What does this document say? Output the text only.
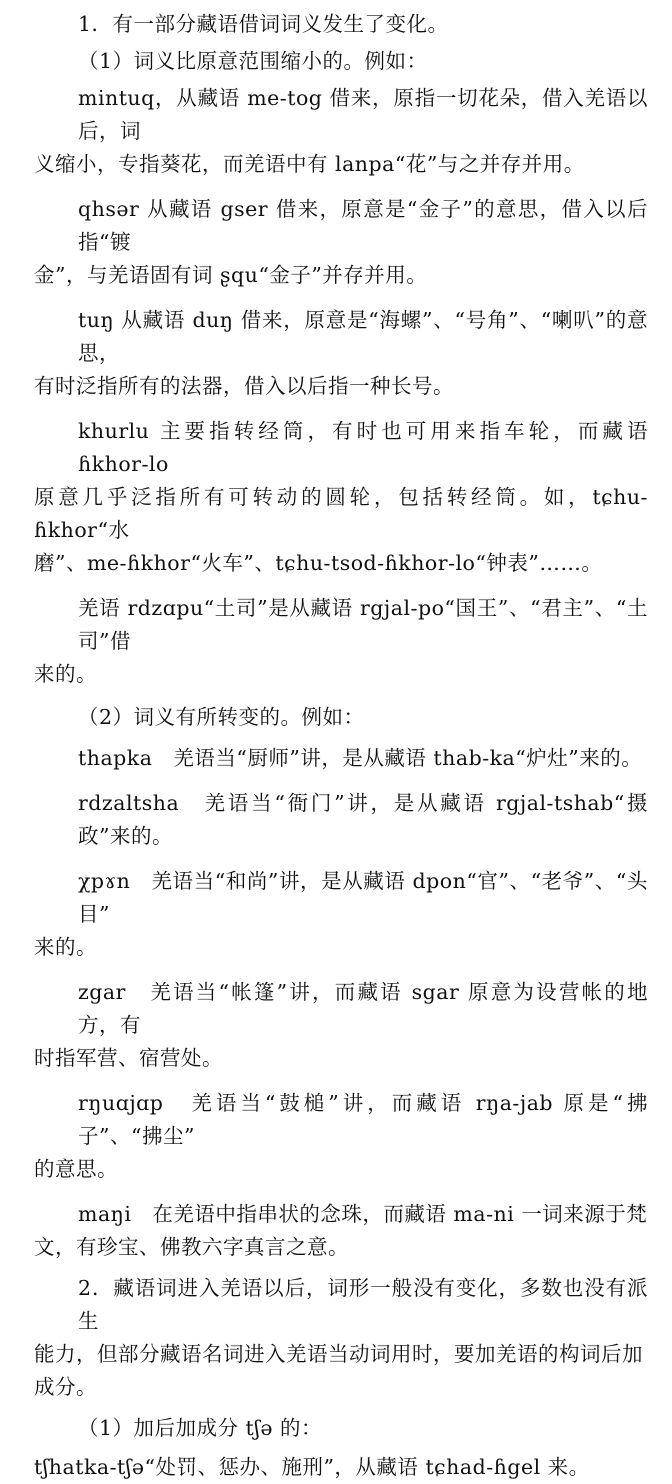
1．有一部分藏语借词词义发生了变化。

（1）词义比原意范围缩小的。例如：

mintuq，从藏语 me-tog 借来，原指一切花朵，借入羌语以后，词

义缩小，专指葵花，而羌语中有 lanpa“花”与之并存并用。

qhsər 从藏语 gser 借来，原意是“金子”的意思，借入以后指“镀

金”，与羌语固有词 ʂqu“金子”并存并用。

tuŋ 从藏语 duŋ 借来，原意是“海螺”、“号角”、“喇叭”的意思，

有时泛指所有的法器，借入以后指一种长号。

khurlu 主要指转经筒，有时也可用来指车轮，而藏语 ɦkhor-lo

原意几乎泛指所有可转动的圆轮，包括转经筒。如，tɕhu-ɦkhor“水

磨”、me-ɦkhor“火车”、tɕhu-tsod-ɦkhor-lo“钟表”……。

羌语 rdzɑpu“土司”是从藏语 rgjal-po“国王”、“君主”、“土司”借

来的。

（2）词义有所转变的。例如：

thapka　羌语当“厨师”讲，是从藏语 thab-ka“炉灶”来的。

rdzaltsha　羌语当“衙门”讲，是从藏语 rgjal-tshab“摄政”来的。

χpɤn　羌语当“和尚”讲，是从藏语 dpon“官”、“老爷”、“头目”

来的。

zgar　羌语当“帐篷”讲，而藏语 sgar 原意为设营帐的地方，有

时指军营、宿营处。

rŋuɑjɑp　羌语当“鼓槌”讲，而藏语 rŋa-jab 原是“拂子”、“拂尘”

的意思。

maŋi　在羌语中指串状的念珠，而藏语 ma-ni 一词来源于梵

文，有珍宝、佛教六字真言之意。

2．藏语词进入羌语以后，词形一般没有变化，多数也没有派生

能力，但部分藏语名词进入羌语当动词用时，要加羌语的构词后加

成分。

（1）加后加成分 tʃə 的：

tʃhatka-tʃə“处罚、惩办、施刑”，从藏语 tɕhad-ɦgel 来。
